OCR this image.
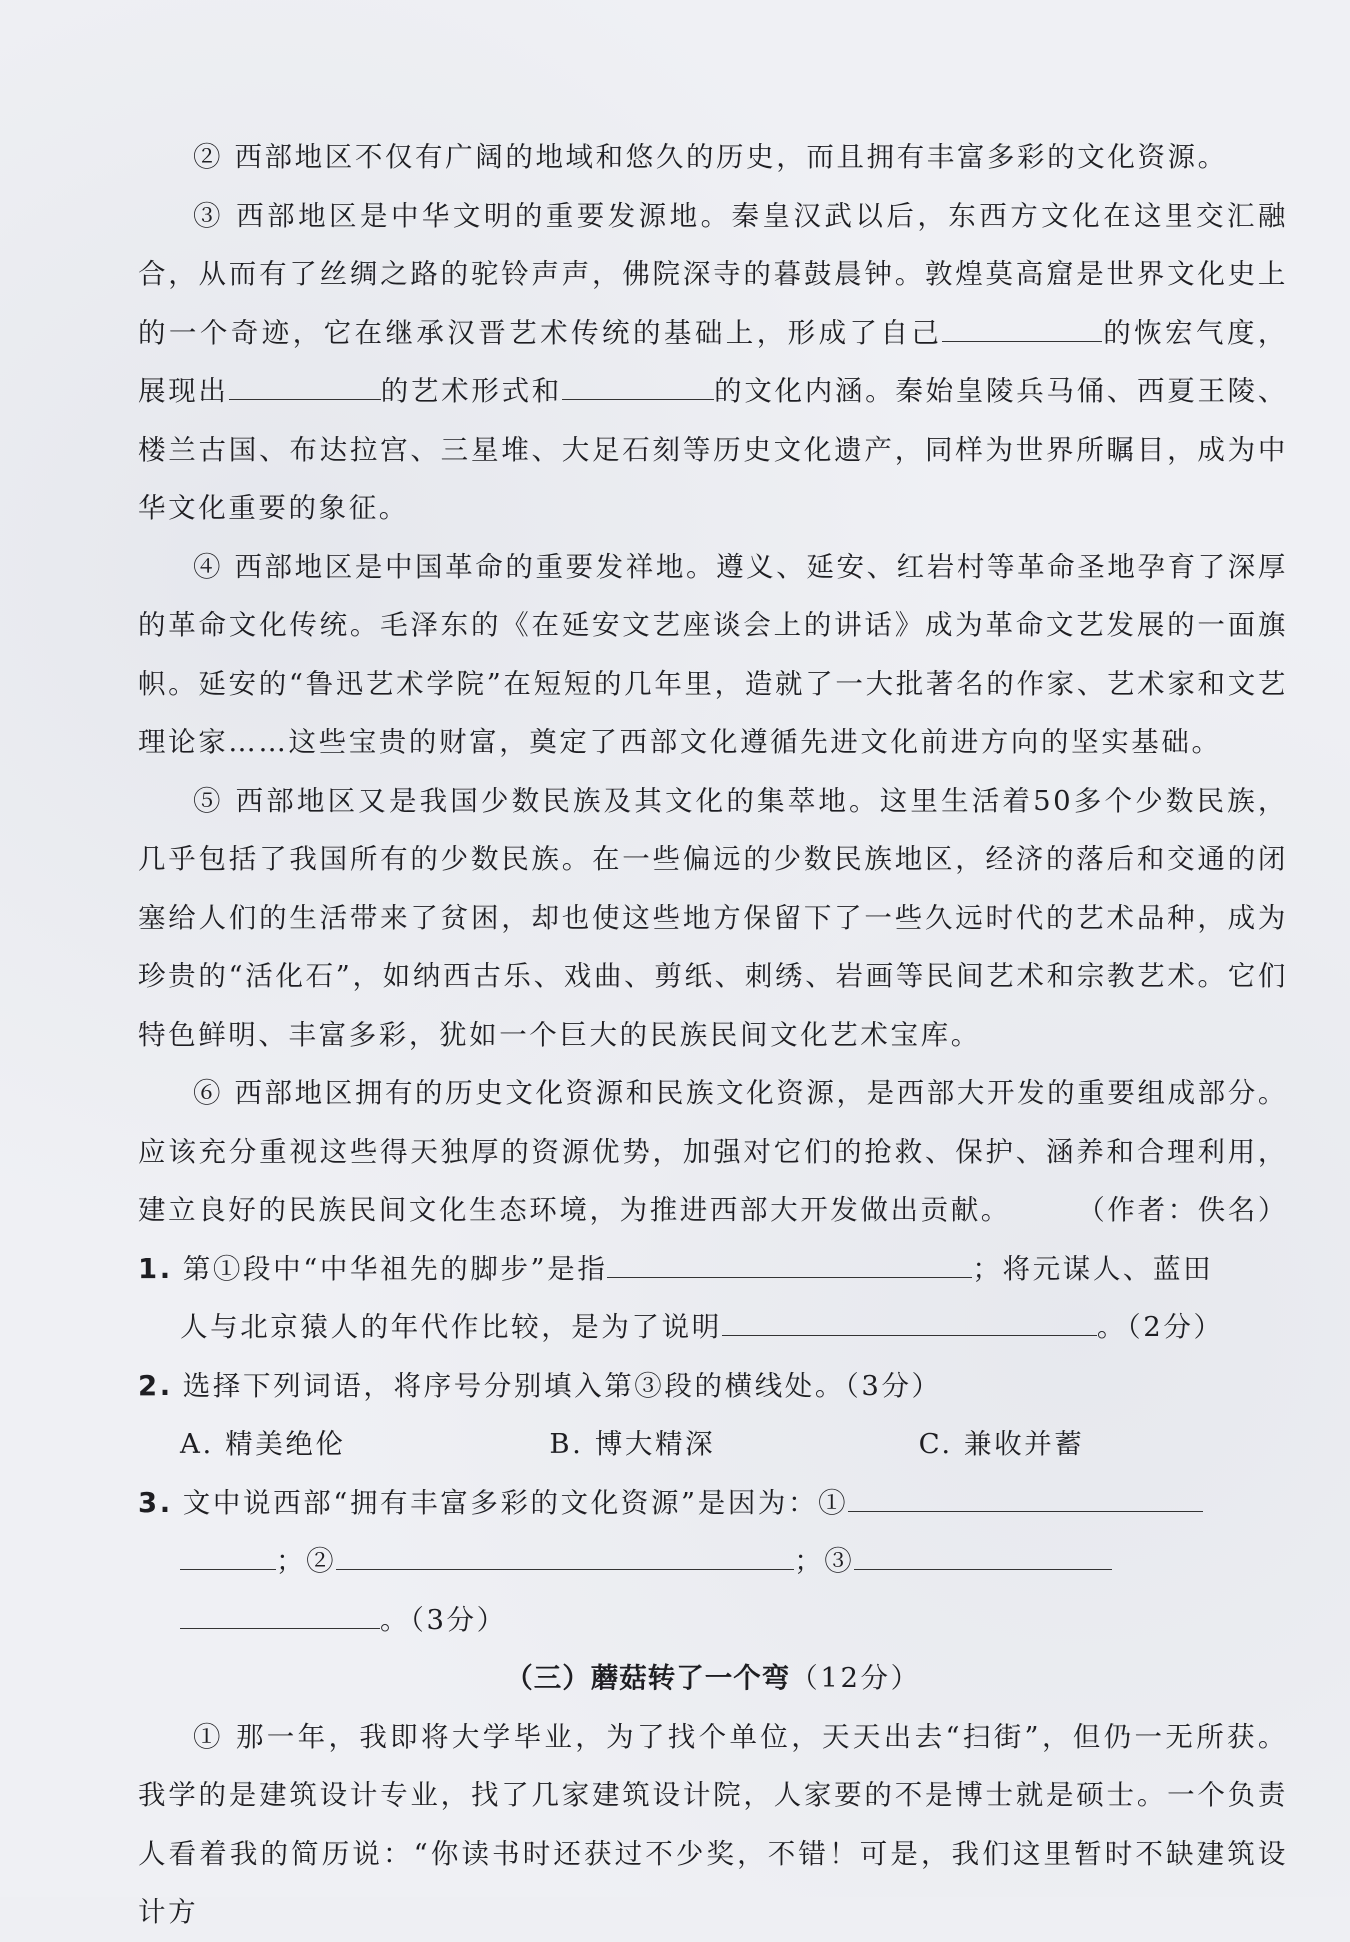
② 西部地区不仅有广阔的地域和悠久的历史，而且拥有丰富多彩的文化资源。

③ 西部地区是中华文明的重要发源地。秦皇汉武以后，东西方文化在这里交汇融合，从而有了丝绸之路的驼铃声声，佛院深寺的暮鼓晨钟。敦煌莫高窟是世界文化史上的一个奇迹，它在继承汉晋艺术传统的基础上，形成了自己	的恢宏气度，展现出	的艺术形式和	的文化内涵。秦始皇陵兵马俑、西夏王陵、楼兰古国、布达拉宫、三星堆、大足石刻等历史文化遗产，同样为世界所瞩目，成为中华文化重要的象征。

④ 西部地区是中国革命的重要发祥地。遵义、延安、红岩村等革命圣地孕育了深厚的革命文化传统。毛泽东的《在延安文艺座谈会上的讲话》成为革命文艺发展的一面旗帜。延安的“鲁迅艺术学院”在短短的几年里，造就了一大批著名的作家、艺术家和文艺理论家……这些宝贵的财富，奠定了西部文化遵循先进文化前进方向的坚实基础。

⑤ 西部地区又是我国少数民族及其文化的集萃地。这里生活着50多个少数民族，几乎包括了我国所有的少数民族。在一些偏远的少数民族地区，经济的落后和交通的闭塞给人们的生活带来了贫困，却也使这些地方保留下了一些久远时代的艺术品种，成为珍贵的“活化石”，如纳西古乐、戏曲、剪纸、刺绣、岩画等民间艺术和宗教艺术。它们特色鲜明、丰富多彩，犹如一个巨大的民族民间文化艺术宝库。

⑥ 西部地区拥有的历史文化资源和民族文化资源，是西部大开发的重要组成部分。应该充分重视这些得天独厚的资源优势，加强对它们的抢救、保护、涵养和合理利用，建立良好的民族民间文化生态环境，为推进西部大开发做出贡献。	（作者：佚名）

1. 第①段中“中华祖先的脚步”是指	；将元谋人、蓝田
人与北京猿人的年代作比较，是为了说明	。（2分）
2. 选择下列词语，将序号分别填入第③段的横线处。（3分）
A. 精美绝伦	B. 博大精深	C. 兼收并蓄
3. 文中说西部“拥有丰富多彩的文化资源”是因为：①
；②	；③
。（3分）

（三）蘑菇转了一个弯（12分）

① 那一年，我即将大学毕业，为了找个单位，天天出去“扫街”，但仍一无所获。我学的是建筑设计专业，找了几家建筑设计院，人家要的不是博士就是硕士。一个负责人看着我的简历说：“你读书时还获过不少奖，不错！可是，我们这里暂时不缺建筑设计方
